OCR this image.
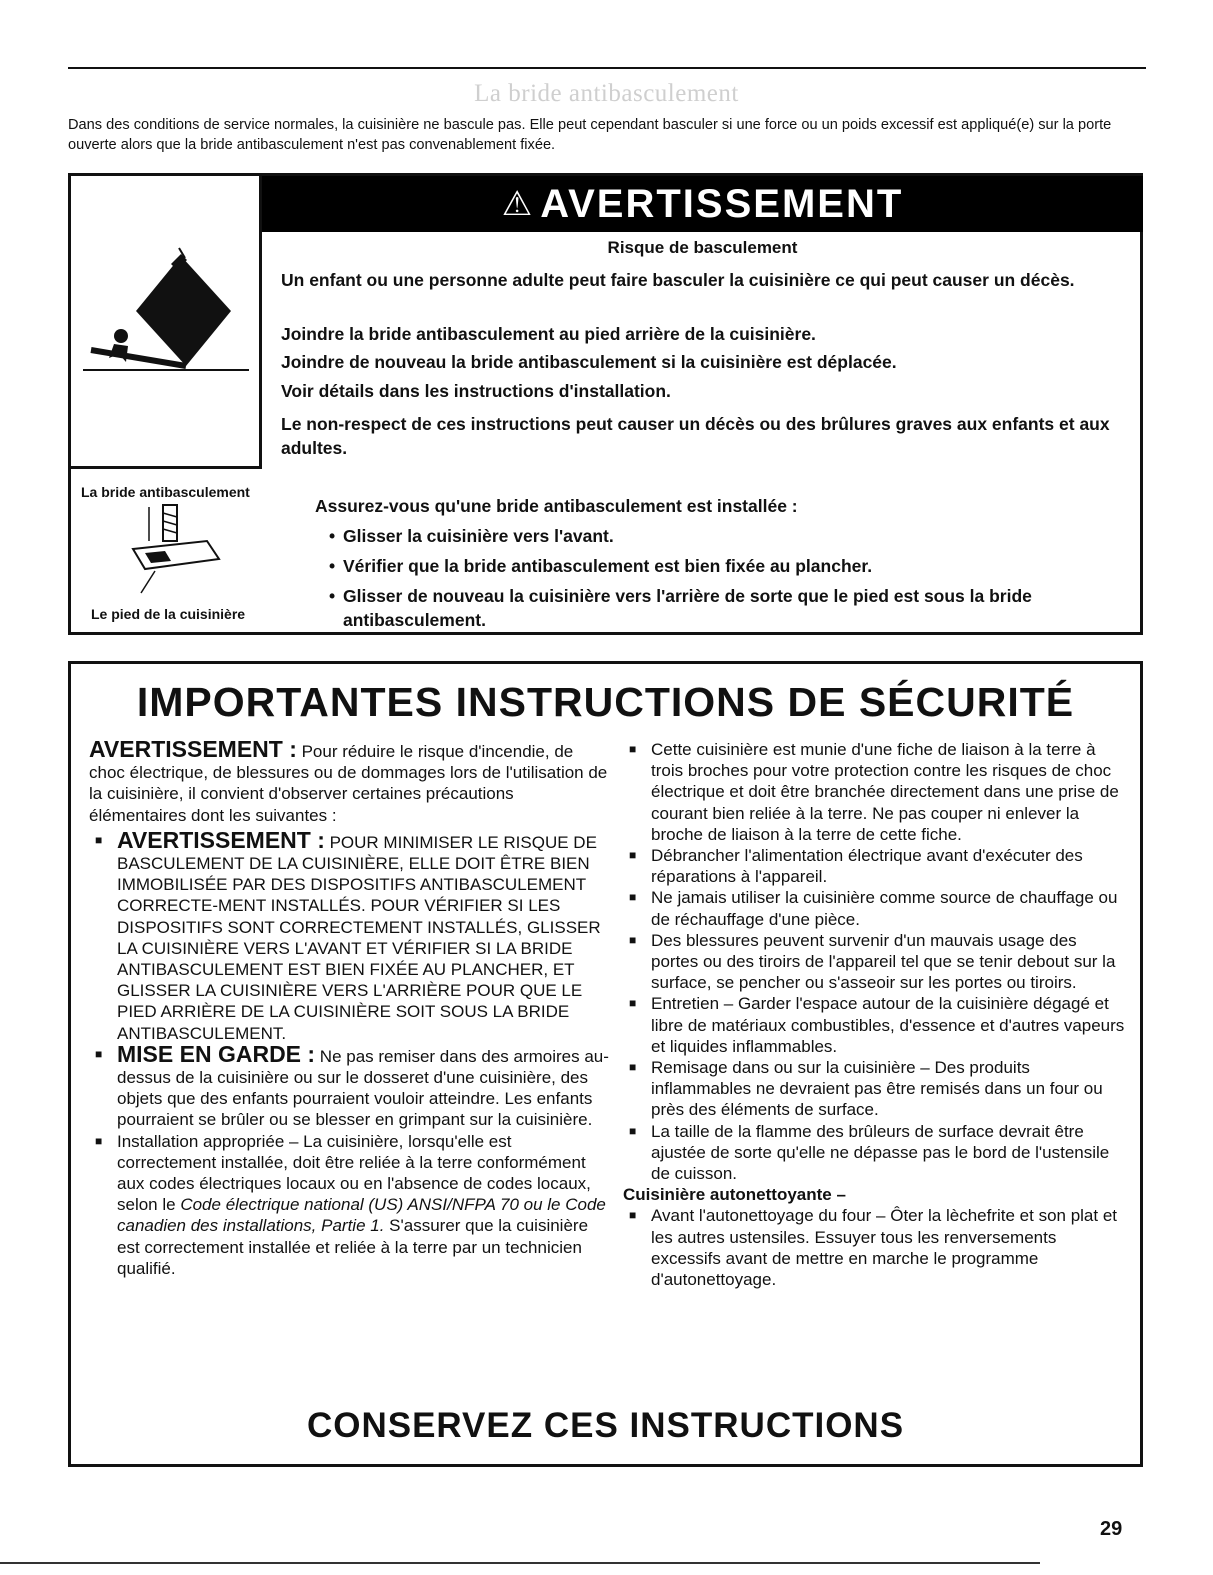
La bride antibasculement
Dans des conditions de service normales, la cuisinière ne bascule pas. Elle peut cependant basculer si une force ou un poids excessif est appliqué(e) sur la porte ouverte alors que la bride antibasculement n'est pas convenablement fixée.
⚠ AVERTISSEMENT
Risque de basculement
Un enfant ou une personne adulte peut faire basculer la cuisinière ce qui peut causer un décès.
Joindre la bride antibasculement au pied arrière de la cuisinière.
Joindre de nouveau la bride antibasculement si la cuisinière est déplacée.
Voir détails dans les instructions d'installation.
Le non-respect de ces instructions peut causer un décès ou des brûlures graves aux enfants et aux adultes.
La bride antibasculement
Le pied de la cuisinière
Assurez-vous qu'une bride antibasculement est installée :
• Glisser la cuisinière vers l'avant.
• Vérifier que la bride antibasculement est bien fixée au plancher.
• Glisser de nouveau la cuisinière vers l'arrière de sorte que le pied est sous la bride antibasculement.
IMPORTANTES INSTRUCTIONS DE SÉCURITÉ

AVERTISSEMENT : Pour réduire le risque d'incendie, de choc électrique, de blessures ou de dommages lors de l'utilisation de la cuisinière, il convient d'observer certaines précautions élémentaires dont les suivantes :

■ AVERTISSEMENT : POUR MINIMISER LE RISQUE DE BASCULEMENT DE LA CUISINIÈRE, ELLE DOIT ÊTRE BIEN IMMOBILISÉE PAR DES DISPOSITIFS ANTIBASCULEMENT CORRECTE-MENT INSTALLÉS. POUR VÉRIFIER SI LES DISPOSITIFS SONT CORRECTEMENT INSTALLÉS, GLISSER LA CUISINIÈRE VERS L'AVANT ET VÉRIFIER SI LA BRIDE ANTIBASCULEMENT EST BIEN FIXÉE AU PLANCHER, ET GLISSER LA CUISINIÈRE VERS L'ARRIÈRE POUR QUE LE PIED ARRIÈRE DE LA CUISINIÈRE SOIT SOUS LA BRIDE ANTIBASCULEMENT.

■ MISE EN GARDE : Ne pas remiser dans des armoires au-dessus de la cuisinière ou sur le dosseret d'une cuisinière, des objets que des enfants pourraient vouloir atteindre. Les enfants pourraient se brûler ou se blesser en grimpant sur la cuisinière.

■ Installation appropriée – La cuisinière, lorsqu'elle est correctement installée, doit être reliée à la terre conformément aux codes électriques locaux ou en l'absence de codes locaux, selon le Code électrique national (US) ANSI/NFPA 70 ou le Code canadien des installations, Partie 1. S'assurer que la cuisinière est correctement installée et reliée à la terre par un technicien qualifié.

■ Cette cuisinière est munie d'une fiche de liaison à la terre à trois broches pour votre protection contre les risques de choc électrique et doit être branchée directement dans une prise de courant bien reliée à la terre. Ne pas couper ni enlever la broche de liaison à la terre de cette fiche.

■ Débrancher l'alimentation électrique avant d'exécuter des réparations à l'appareil.

■ Ne jamais utiliser la cuisinière comme source de chauffage ou de réchauffage d'une pièce.

■ Des blessures peuvent survenir d'un mauvais usage des portes ou des tiroirs de l'appareil tel que se tenir debout sur la surface, se pencher ou s'asseoir sur les portes ou tiroirs.

■ Entretien – Garder l'espace autour de la cuisinière dégagé et libre de matériaux combustibles, d'essence et d'autres vapeurs et liquides inflammables.

■ Remisage dans ou sur la cuisinière – Des produits inflammables ne devraient pas être remisés dans un four ou près des éléments de surface.

■ La taille de la flamme des brûleurs de surface devrait être ajustée de sorte qu'elle ne dépasse pas le bord de l'ustensile de cuisson.

Cuisinière autonettoyante –

■ Avant l'autonettoyage du four – Ôter la lèchefrite et son plat et les autres ustensiles. Essuyer tous les renversements excessifs avant de mettre en marche le programme d'autonettoyage.

CONSERVEZ CES INSTRUCTIONS
29
